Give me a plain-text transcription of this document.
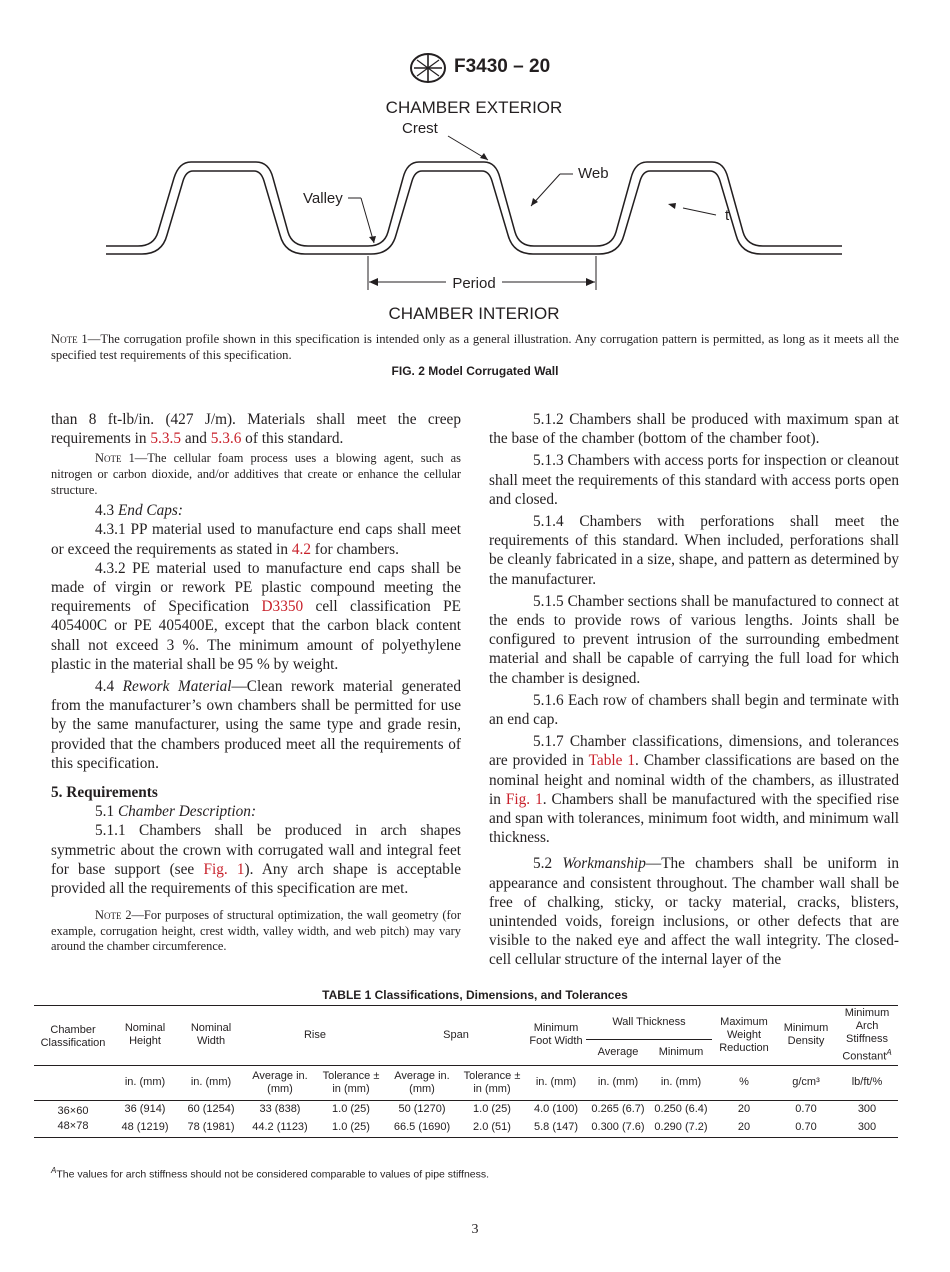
F3430 – 20
CHAMBER EXTERIOR
Crest
Web
Valley
t
Period
CHAMBER INTERIOR
Note 1—The corrugation profile shown in this specification is intended only as a general illustration. Any corrugation pattern is permitted, as long as it meets all the specified test requirements of this specification.
FIG. 2 Model Corrugated Wall

than 8 ft-lb/in. (427 J/m). Materials shall meet the creep requirements in 5.3.5 and 5.3.6 of this standard.

Note 1—The cellular foam process uses a blowing agent, such as nitrogen or carbon dioxide, and/or additives that create or enhance the cellular structure.

4.3 End Caps:

4.3.1 PP material used to manufacture end caps shall meet or exceed the requirements as stated in 4.2 for chambers.

4.3.2 PE material used to manufacture end caps shall be made of virgin or rework PE plastic compound meeting the requirements of Specification D3350 cell classification PE 405400C or PE 405400E, except that the carbon black content shall not exceed 3 %. The minimum amount of polyethylene plastic in the material shall be 95 % by weight.

4.4 Rework Material—Clean rework material generated from the manufacturer’s own chambers shall be permitted for use by the same manufacturer, using the same type and grade resin, provided that the chambers produced meet all the requirements of this specification.

5. Requirements

5.1 Chamber Description:

5.1.1 Chambers shall be produced in arch shapes symmetric about the crown with corrugated wall and integral feet for base support (see Fig. 1). Any arch shape is acceptable provided all the requirements of this specification are met.

Note 2—For purposes of structural optimization, the wall geometry (for example, corrugation height, crest width, valley width, and web pitch) may vary around the chamber circumference.

5.1.2 Chambers shall be produced with maximum span at the base of the chamber (bottom of the chamber foot).

5.1.3 Chambers with access ports for inspection or cleanout shall meet the requirements of this standard with access ports open and closed.

5.1.4 Chambers with perforations shall meet the requirements of this standard. When included, perforations shall be cleanly fabricated in a size, shape, and pattern as determined by the manufacturer.

5.1.5 Chamber sections shall be manufactured to connect at the ends to provide rows of various lengths. Joints shall be configured to prevent intrusion of the surrounding embedment material and shall be capable of carrying the full load for which the chamber is designed.

5.1.6 Each row of chambers shall begin and terminate with an end cap.

5.1.7 Chamber classifications, dimensions, and tolerances are provided in Table 1. Chamber classifications are based on the nominal height and nominal width of the chambers, as illustrated in Fig. 1. Chambers shall be manufactured with the specified rise and span with tolerances, minimum foot width, and minimum wall thickness.

5.2 Workmanship—The chambers shall be uniform in appearance and consistent throughout. The chamber wall shall be free of chalking, sticky, or tacky material, cracks, blisters, unintended voids, foreign inclusions, or other defects that are visible to the naked eye and affect the wall integrity. The closed-cell cellular structure of the internal layer of the

TABLE 1 Classifications, Dimensions, and Tolerances
Chamber Classification	Nominal Height	Nominal Width	Rise		Span		Minimum Foot Width	Wall Thickness		Maximum Weight Reduction	Minimum Density	Minimum Arch Stiffness Constant$^A$
								Average	Minimum			
	in. (mm)	in. (mm)	Average in. (mm)	Tolerance ± in (mm)	Average in. (mm)	Tolerance ± in (mm)	in. (mm)	in. (mm)	in. (mm)	%	g/cm³	lb/ft/%
36×60	36 (914)	60 (1254)	33 (838)	1.0 (25)	50 (1270)	1.0 (25)	4.0 (100)	0.265 (6.7)	0.250 (6.4)	20	0.70	300
48×78	48 (1219)	78 (1981)	44.2 (1123)	1.0 (25)	66.5 (1690)	2.0 (51)	5.8 (147)	0.300 (7.6)	0.290 (7.2)	20	0.70	300
$^A$The values for arch stiffness should not be considered comparable to values of pipe stiffness.
3
